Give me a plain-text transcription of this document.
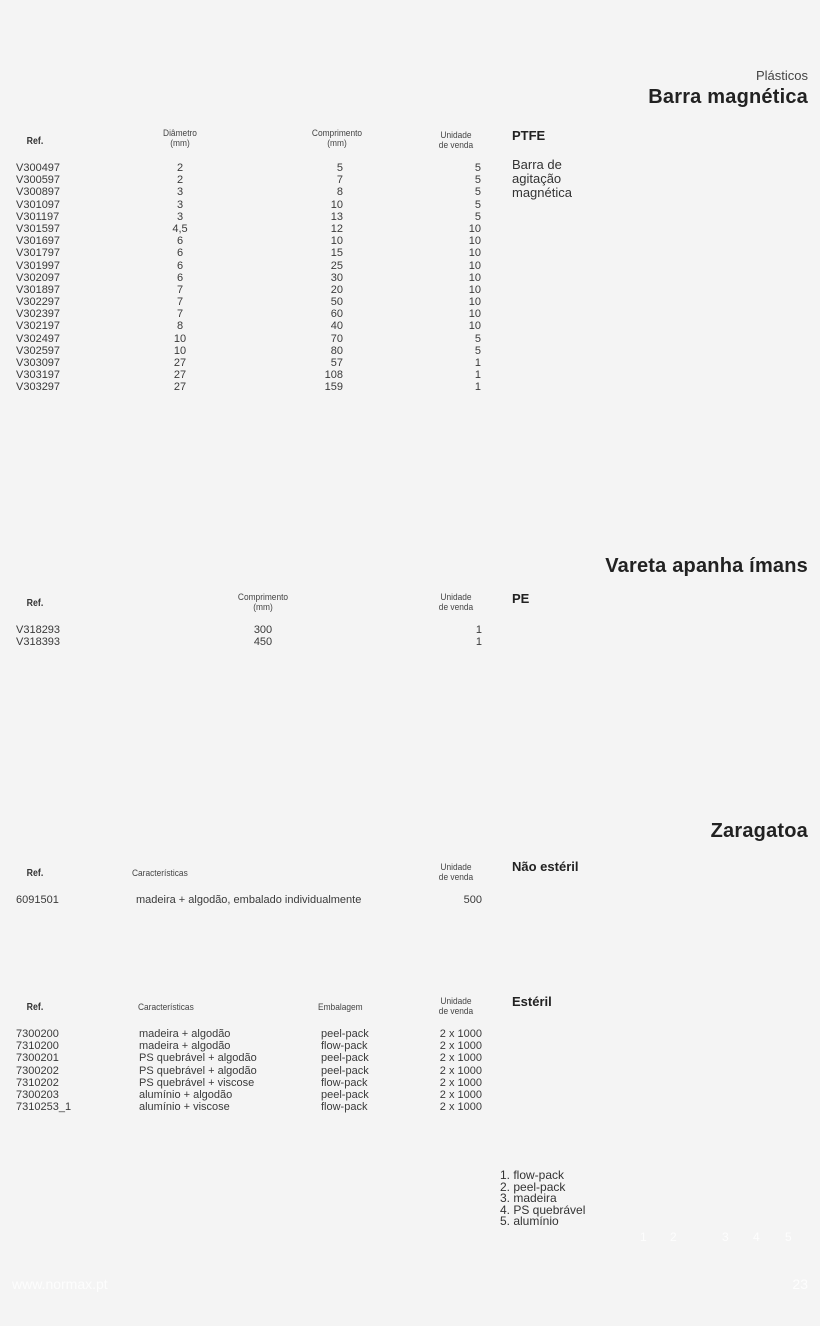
Plásticos
Barra magnética
Ref.
Diâmetro
(mm)
Comprimento
(mm)
Unidade
de venda
V300497	2	5	5
V300597	2	7	5
V300897	3	8	5
V301097	3	10	5
V301197	3	13	5
V301597	4,5	12	10
V301697	6	10	10
V301797	6	15	10
V301997	6	25	10
V302097	6	30	10
V301897	7	20	10
V302297	7	50	10
V302397	7	60	10
V302197	8	40	10
V302497	10	70	5
V302597	10	80	5
V303097	27	57	1
V303197	27	108	1
V303297	27	159	1
PTFE
Barra de
agitação
magnética
Vareta apanha ímans
Ref.
Comprimento
(mm)
Unidade
de venda
V318293	300	1
V318393	450	1
PE
Zaragatoa
Ref.	Características
Unidade
de venda
6091501	madeira + algodão, embalado individualmente	500
Não estéril
Ref.	Características	Embalagem
Unidade
de venda
7300200	madeira + algodão	peel-pack	2 x 1000
7310200	madeira + algodão	flow-pack	2 x 1000
7300201	PS quebrável + algodão	peel-pack	2 x 1000
7300202	PS quebrável + algodão	peel-pack	2 x 1000
7310202	PS quebrável + viscose	flow-pack	2 x 1000
7300203	alumínio + algodão	peel-pack	2 x 1000
7310253_1	alumínio + viscose	flow-pack	2 x 1000
Estéril
1. flow-pack
2. peel-pack
3. madeira
4. PS quebrável
5. alumínio
1 2	3 4 5
www.normax.pt	23
